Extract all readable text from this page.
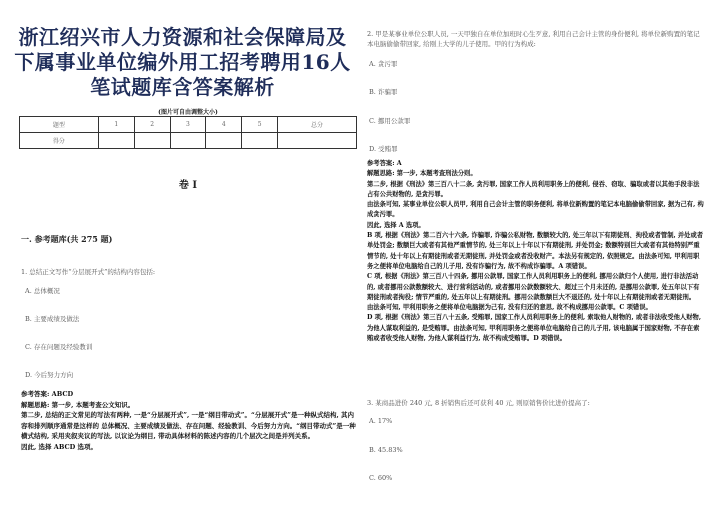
浙江绍兴市人力资源和社会保障局及下属事业单位编外用工招考聘用16人笔试题库含答案解析
(图片可自由调整大小)
题型	1	2	3	4	5	总分
得分						
卷 I
一. 参考题库(共 275 题)
1. 总结正文写作“分层展开式”的结构内容包括:
A. 总体概况
B. 主要成绩及做法
C. 存在问题及经验教训
D. 今后努力方向
参考答案: ABCD
解题思路: 第一步, 本题考查公文知识。
第二步, 总结的正文常见的写法有两种, 一是“分层展开式”, 一是“纲目带动式”。“分层展开式”是一种纵式结构, 其内容和排列顺序通常是这样的 总体概况、主要成绩及做法、存在问题、经验教训、今后努力方向。“纲目带动式”是一种横式结构, 采用夹叙夹议的写法, 以议论为纲目, 带动具体材料的陈述内容的几个层次之间是并列关系。
因此, 选择 ABCD 选项。
2. 甲是某事业单位公职人员, 一天甲独自在单位加班时心生歹意, 利用自己会计主管的身份便利, 将单位新购置的笔记本电脑偷偷带回家, 给刚上大学的儿子使用。甲的行为构成:
A. 贪污罪
B. 诈骗罪
C. 挪用公款罪
D. 受贿罪
参考答案: A
解题思路: 第一步, 本题考查刑法分则。
第二步, 根据《刑法》第三百八十二条, 贪污罪, 国家工作人员利用职务上的便利, 侵吞、窃取、骗取或者以其他手段非法占有公共财物的, 是贪污罪。
由法条可知, 某事业单位公职人员甲, 利用自己会计主管的职务便利, 将单位新购置的笔记本电脑偷偷带回家, 据为己有, 构成贪污罪。
因此, 选择 A 选项。
B 项, 根据《刑法》第二百六十六条, 诈骗罪, 诈骗公私财物, 数额较大的, 处三年以下有期徒刑、拘役或者管制, 并处或者单处罚金; 数额巨大或者有其他严重情节的, 处三年以上十年以下有期徒刑, 并处罚金; 数额特别巨大或者有其他特别严重情节的, 处十年以上有期徒刑或者无期徒刑, 并处罚金或者没收财产。本法另有规定的, 依照规定。由法条可知, 甲利用职务之便将单位电脑给自己的儿子用, 没有诈骗行为, 故不构成诈骗罪。A 项错误。
C 项, 根据《刑法》第三百八十四条, 挪用公款罪, 国家工作人员利用职务上的便利, 挪用公款归个人使用, 进行非法活动的, 或者挪用公款数额较大、进行营利活动的, 或者挪用公款数额较大、超过三个月未还的, 是挪用公款罪, 处五年以下有期徒刑或者拘役; 情节严重的, 处五年以上有期徒刑。挪用公款数额巨大不退还的, 处十年以上有期徒刑或者无期徒刑。
由法条可知, 甲利用职务之便将单位电脑据为己有, 没有归还的意思, 故不构成挪用公款罪。C 项错误。
D 项, 根据《刑法》第三百八十五条, 受贿罪, 国家工作人员利用职务上的便利, 索取他人财物的, 或者非法收受他人财物, 为他人谋取利益的, 是受贿罪。由法条可知, 甲利用职务之便将单位电脑给自己的儿子用, 该电脑属于国家财物, 不存在索贿或者收受他人财物, 为他人谋利益行为, 故不构成受贿罪。D 项错误。
3. 某商品进价 240 元, 8 折销售后还可获利 40 元, 则原销售价比进价提高了:
A. 17%
B. 45.83%
C. 60%
